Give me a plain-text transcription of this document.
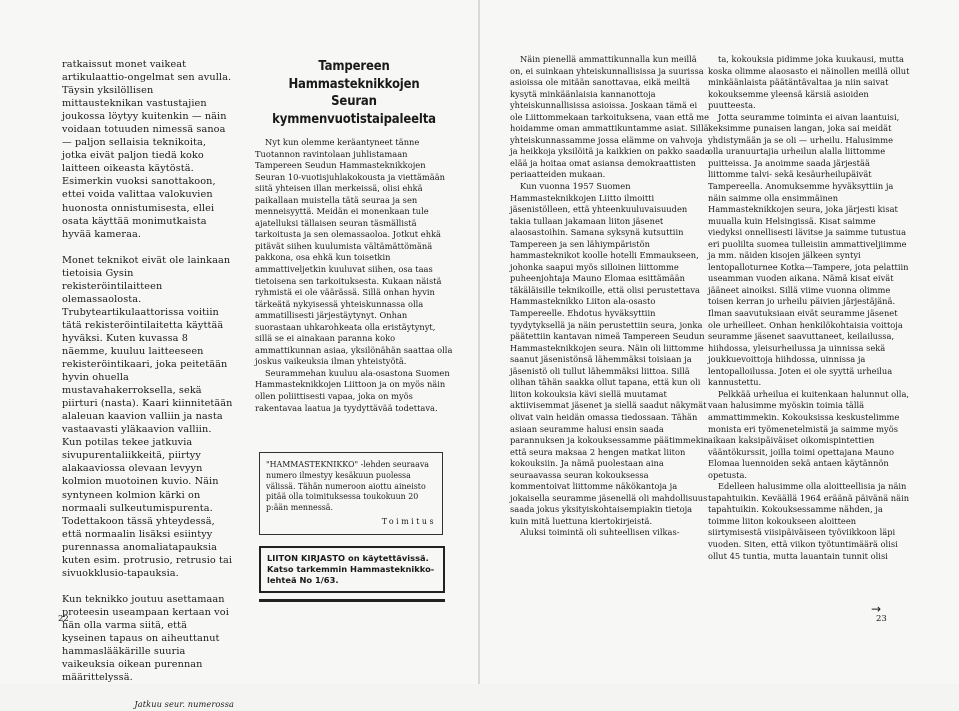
ratkaissut monet vaikeat artikulaattio-ongelmat sen avulla. Täysin yksilöllisen mittausteknikan vastustajien joukossa löytyy kuitenkin — näin voidaan totuuden nimessä sanoa — paljon sellaisia teknikoita, jotka eivät paljon tiedä koko laitteen oikeasta käytöstä. Esimerkin vuoksi sanottakoon, ettei voida valittaa valokuvien huonosta onnistumisesta, ellei osata käyttää monimutkaista hyvää kameraa.

Monet teknikot eivät ole lainkaan tietoisia Gysin rekisteröintilaitteen olemassaolosta. Trubyteartikulaattorissa voitiin tätä rekisteröintilaitetta käyttää hyväksi. Kuten kuvassa 8 näemme, kuuluu laitteeseen rekisteröintikaari, joka peitetään hyvin ohuella mustavahakerroksella, sekä piirturi (nasta). Kaari kiinnitetään alaleuan kaavion valliin ja nasta vastaavasti yläkaavion valliin. Kun potilas tekee jatkuvia sivupurentaliikkeitä, piirtyy alakaaviossa olevaan levyyn kolmion muotoinen kuvio. Näin syntyneen kolmion kärki on normaali sulkeutumispurenta. Todettakoon tässä yhteydessä, että normaalin lisäksi esiintyy purennassa anomaliatapauksia kuten esim. protrusio, retrusio tai sivuokklusio-tapauksia.

Kun teknikko joutuu asettamaan proteesin useampaan kertaan voi hän olla varma siitä, että kyseinen tapaus on aiheuttanut hammaslääkärille suuria vaikeuksia oikean purennan määrittelyssä.

Jatkuu seur. numerossa
Tampereen Hammasteknikkojen Seuran kymmenvuotistaipaleelta

Nyt kun olemme keräantyneet tänne Tuotannon ravintolaan juhlistamaan Tampereen Seudun Hammasteknikkojen Seuran 10-vuotisjuhlakokousta ja viettämään siitä yhteisen illan merkeissä, olisi ehkä paikallaan muistella tätä seuraa ja sen menneisyyttä. Meidän ei monenkaan tule ajatelluksi tällaisen seuran täsmällistä tarkoitusta ja sen olemassaoloa. Jotkut ehkä pitävät siihen kuulumista vältämättömänä pakkona, osa ehkä kun toisetkin ammattiveljetkin kuuluvat siihen, osa taas tietoisena sen tarkoituksesta. Kukaan näistä ryhmistä ei ole väärässä. Sillä onhan hyvin tärkeätä nykyisessä yhteiskunnassa olla ammatillisesti järjestäytynyt. Onhan suorastaan uhkarohkeata olla eristäytynyt, sillä se ei ainakaan paranna koko ammattikunnan asiaa, yksilönähän saattaa olla joskus vaikeuksia ilman yhteistyötä.

Seurammehan kuuluu ala-osastona Suomen Hammasteknikkojen Liittoon ja on myös näin ollen poliittisesti vapaa, joka on myös rakentavaa laatua ja tyydyttävää todettava.

"HAMMASTEKNIKKO" -lehden seuraava numero ilmestyy kesäkuun puolessa välissä. Tähän numeroon aiottu aineisto pitää olla toimituksessa toukokuun 20 p:ään mennessä.
Toimitus
LIITON KIRJASTO on käytettävissä. Katso tarkemmin Hammasteknikko-lehteä No 1/63.
22

Näin pienellä ammattikunnalla kun meillä on, ei suinkaan yhteiskunnallisissa ja suurissa asioissa ole mitään sanottavaa, eikä meiltä kysytä minkäänlaisia kannanottoja yhteiskunnallisissa asioissa. Joskaan tämä ei ole Liittommekaan tarkoituksena, vaan että me hoidamme oman ammattikuntamme asiat. Sillä yhteiskunnassamme jossa elämme on vahvoja ja heikkoja yksilöitä ja kaikkien on pakko saada elää ja hoitaa omat asiansa demokraattisten periaatteiden mukaan.

Kun vuonna 1957 Suomen Hammasteknikkojen Liitto ilmoitti jäsenistölleen, että yhteenkuuluvaisuuden takia tullaan jakamaan liiton jäsenet alaosastoihin. Samana syksynä kutsuttiin Tampereen ja sen lähiympäristön hammasteknikot koolle hotelli Emmaukseen, johonka saapui myös silloinen liittomme puheenjohtaja Mauno Elomaa esittämään täkäläisille teknikoille, että olisi perustettava Hammasteknikko Liiton ala-osasto Tampereelle. Ehdotus hyväksyttiin tyydytyksellä ja näin perustettiin seura, jonka päätettiin kantavan nimeä Tampereen Seudun Hammasteknikkojen seura. Näin oli liittomme saanut jäsenistönsä lähemmäksi toisiaan ja jäsenistö oli tullut lähemmäksi liittoa. Sillä olihan tähän saakka ollut tapana, että kun oli liiton kokouksia kävi siellä muutamat aktiivisemmat jäsenet ja siellä saadut näkymät olivat vain heidän omassa tiedossaan. Tähän asiaan seuramme halusi ensin saada parannuksen ja kokouksessamme päätimmekin että seura maksaa 2 hengen matkat liiton kokouksiin. Ja nämä puolestaan aina seuraavassa seuran kokouksessa kommentoivat liittomme näkökantoja ja jokaisella seuramme jäsenellä oli mahdollisuus saada jokus yksityiskohtaisempiakin tietoja kuin mitä luettuna kiertokirjeistä.

Aluksi toimintä oli suhteellisen vilkas-

ta, kokouksia pidimme joka kuukausi, mutta koska olimme alaosasto ei näinollen meillä ollut minkäänlaista päätäntävaltaa ja niin saivat kokouksemme yleensä kärsiä asioiden puutteesta.

Jotta seuramme toiminta ei aivan laantuisi, keksimme punaisen langan, joka sai meidät yhdistymään ja se oli — urheilu. Halusimme olla uranuurtajia urheilun alalla liittomme puitteissa. Ja anoimme saada järjestää liittomme talvi- sekä kesäurheilupäivät Tampereella. Anomuksemme hyväksyttiin ja näin saimme olla ensimmäinen Hammasteknikkojen seura, joka järjesti kisat muualla kuin Helsingissä. Kisat saimme viedyksi onnellisesti lävitse ja saimme tutustua eri puolilta suomea tulleisiin ammattiveljiimme ja mm. näiden kisojen jälkeen syntyi lentopalloturnee Kotka—Tampere, jota pelattiin useamman vuoden aikana. Nämä kisat eivät jääneet ainoiksi. Sillä viime vuonna olimme toisen kerran jo urheilu päivien järjestäjänä. Ilman saavutuksiaan eivät seuramme jäsenet ole urheilleet. Onhan henkilökohtaisia voittoja seuramme jäsenet saavuttaneet, keilailussa, hiihdossa, yleisurheilussa ja uinnissa sekä joukkuevoittoja hiihdossa, uinnissa ja lentopalloilussa. Joten ei ole syyttä urheilua kannustettu.

Pelkkää urheilua ei kuitenkaan halunnut olla, vaan halusimme myöskin toimia tällä ammattimmekin. Kokouksissa keskustelimme monista eri työmenetelmistä ja saimme myös aikaan kaksipäiväiset oikomispintettien vääntökurssit, joilla toimi opettajana Mauno Elomaa luennoiden sekä antaen käytännön opetusta.

Edelleen halusimme olla aloitteellisia ja näin tapahtuikin. Keväällä 1964 eräänä päivänä näin tapahtuikin. Kokouksessamme nähden, ja toimme liiton kokoukseen aloitteen siirtymisestä viisipäiväiseen työviikkoon läpi vuoden. Siten, että viikon työtuntimäärä olisi ollut 45 tuntia, mutta lauantain tunnit olisi

→
23
